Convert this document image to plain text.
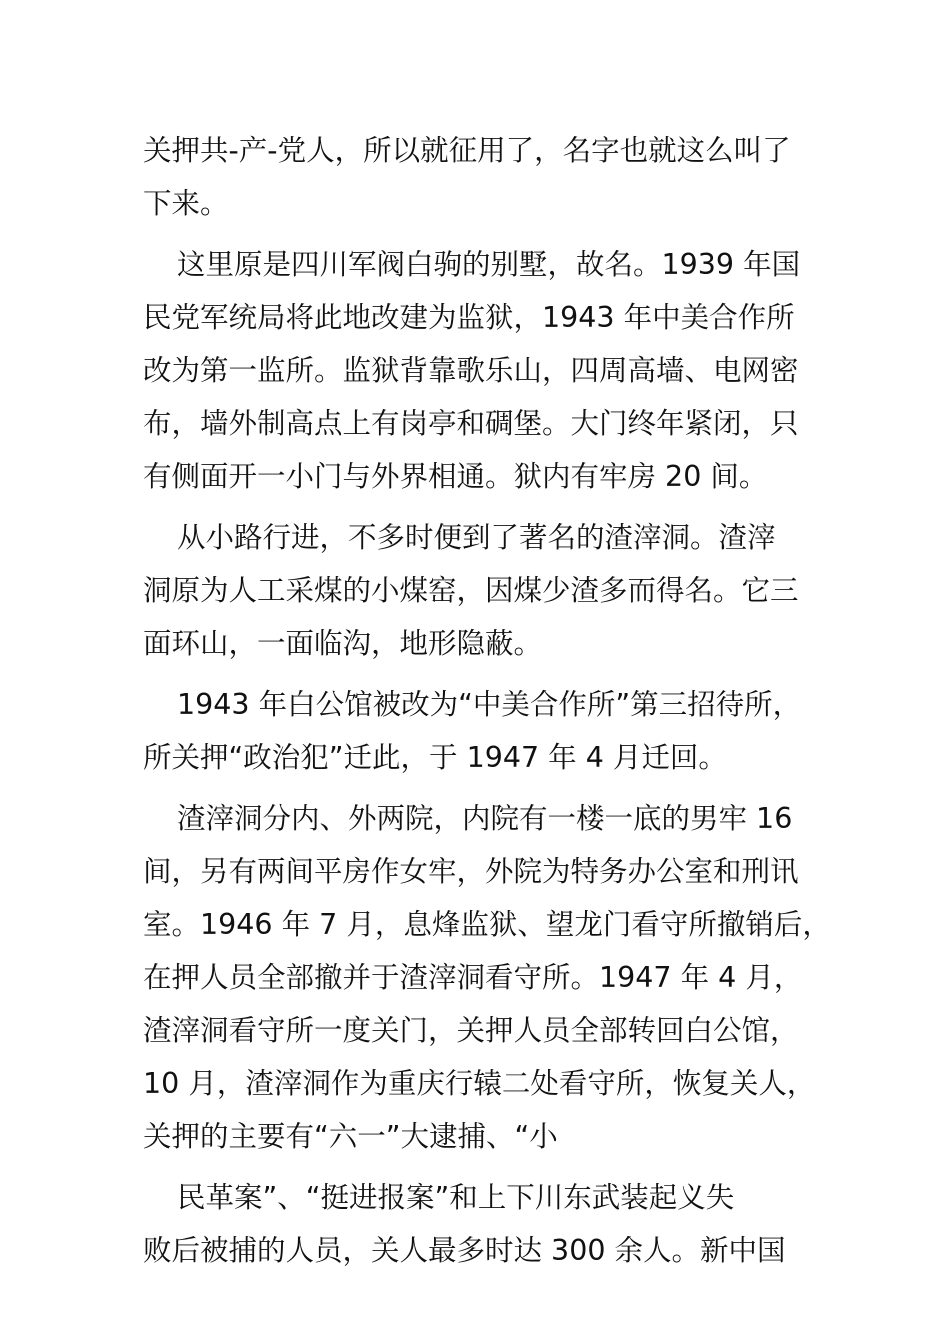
关押共-产-党人，所以就征用了，名字也就这么叫了
下来。
这里原是四川军阀白驹的别墅，故名。1939 年国
民党军统局将此地改建为监狱，1943 年中美合作所
改为第一监所。监狱背靠歌乐山，四周高墙、电网密
布，墙外制高点上有岗亭和碉堡。大门终年紧闭，只
有侧面开一小门与外界相通。狱内有牢房 20 间。
从小路行进，不多时便到了著名的渣滓洞。渣滓
洞原为人工采煤的小煤窑，因煤少渣多而得名。它三
面环山，一面临沟，地形隐蔽。
1943 年白公馆被改为“中美合作所”第三招待所，
所关押“政治犯”迁此，于 1947 年 4 月迁回。
渣滓洞分内、外两院，内院有一楼一底的男牢 16
间，另有两间平房作女牢，外院为特务办公室和刑讯
室。1946 年 7 月，息烽监狱、望龙门看守所撤销后，
在押人员全部撤并于渣滓洞看守所。1947 年 4 月，
渣滓洞看守所一度关门，关押人员全部转回白公馆，
10 月，渣滓洞作为重庆行辕二处看守所，恢复关人，
关押的主要有“六一”大逮捕、“小
民革案”、“挺进报案”和上下川东武装起义失
败后被捕的人员，关人最多时达 300 余人。新中国
